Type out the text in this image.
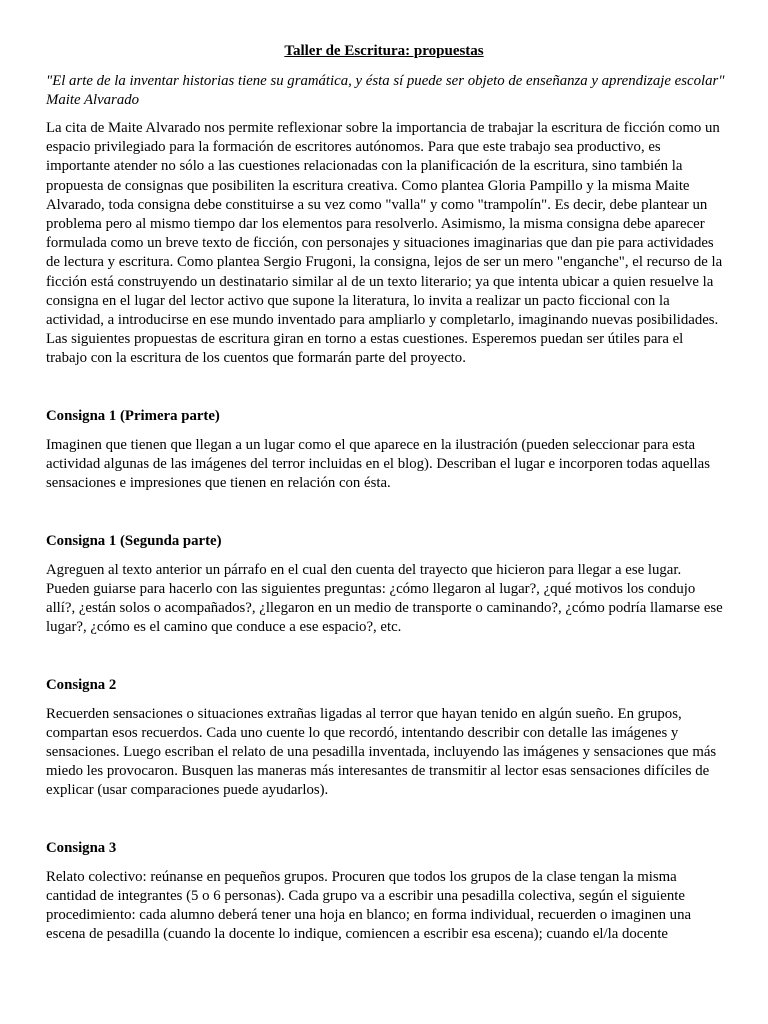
Taller de Escritura: propuestas

"El arte de la inventar historias tiene su gramática, y ésta sí puede ser objeto de enseñanza y aprendizaje escolar" Maite Alvarado

La cita de Maite Alvarado nos permite reflexionar sobre la importancia de trabajar la escritura de ficción como un espacio privilegiado para la formación de escritores autónomos. Para que este trabajo sea productivo, es importante atender no sólo a las cuestiones relacionadas con la planificación de la escritura, sino también la propuesta de consignas que posibiliten la escritura creativa. Como plantea Gloria Pampillo y la misma Maite Alvarado, toda consigna debe constituirse a su vez como "valla" y como "trampolín". Es decir, debe plantear un problema pero al mismo tiempo dar los elementos para resolverlo. Asimismo, la misma consigna debe aparecer formulada como un breve texto de ficción, con personajes y situaciones imaginarias que dan pie para actividades de lectura y escritura. Como plantea Sergio Frugoni, la consigna, lejos de ser un mero "enganche", el recurso de la ficción está construyendo un destinatario similar al de un texto literario; ya que intenta ubicar a quien resuelve la consigna en el lugar del lector activo que supone la literatura, lo invita a realizar un pacto ficcional con la actividad, a introducirse en ese mundo inventado para ampliarlo y completarlo, imaginando nuevas posibilidades. Las siguientes propuestas de escritura giran en torno a estas cuestiones. Esperemos puedan ser útiles para el trabajo con la escritura de los cuentos que formarán parte del proyecto.

Consigna 1 (Primera parte)

Imaginen que tienen que llegan a un lugar como el que aparece en la ilustración (pueden seleccionar para esta actividad algunas de las imágenes del terror incluidas en el blog). Describan el lugar e incorporen todas aquellas sensaciones e impresiones que tienen en relación con ésta.

Consigna 1 (Segunda parte)

Agreguen al texto anterior un párrafo en el cual den cuenta del trayecto que hicieron para llegar a ese lugar. Pueden guiarse para hacerlo con las siguientes preguntas: ¿cómo llegaron al lugar?, ¿qué motivos los condujo allí?, ¿están solos o acompañados?, ¿llegaron en un medio de transporte o caminando?, ¿cómo podría llamarse ese lugar?, ¿cómo es el camino que conduce a ese espacio?, etc.

Consigna 2

Recuerden sensaciones o situaciones extrañas ligadas al terror que hayan tenido en algún sueño. En grupos, compartan esos recuerdos. Cada uno cuente lo que recordó, intentando describir con detalle las imágenes y sensaciones. Luego escriban el relato de una pesadilla inventada, incluyendo las imágenes y sensaciones que más miedo les provocaron. Busquen las maneras más interesantes de transmitir al lector esas sensaciones difíciles de explicar (usar comparaciones puede ayudarlos).

Consigna 3

Relato colectivo: reúnanse en pequeños grupos. Procuren que todos los grupos de la clase tengan la misma cantidad de integrantes (5 o 6 personas). Cada grupo va a escribir una pesadilla colectiva, según el siguiente procedimiento: cada alumno deberá tener una hoja en blanco; en forma individual, recuerden o imaginen una escena de pesadilla (cuando la docente lo indique, comiencen a escribir esa escena); cuando el/la docente
